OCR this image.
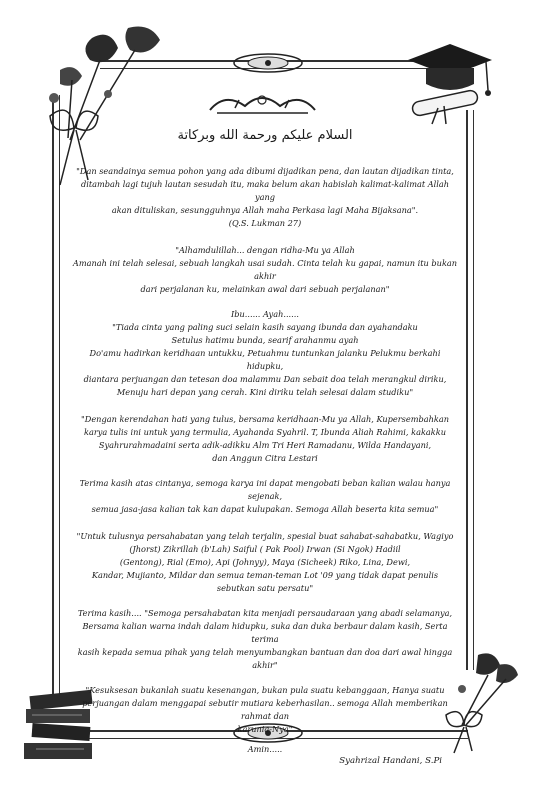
السلام عليكم ورحمة الله وبركاتة

"Dan seandainya semua pohon yang ada dibumi dijadikan pena, dan lautan dijadikan tinta,

ditambah lagi tujuh lautan sesudah itu, maka belum akan habislah kalimat-kalimat Allah yang

akan dituliskan, sesungguhnya Allah maha Perkasa lagi Maha Bijaksana".

(Q.S. Lukman 27)

"Alhamdulillah... dengan ridha-Mu ya Allah

Amanah ini telah selesai, sebuah langkah usai sudah. Cinta telah ku gapai, namun itu bukan akhir

dari perjalanan ku, melainkan awal dari sebuah perjalanan"

Ibu...... Ayah......

"Tiada cinta yang paling suci selain kasih sayang ibunda dan ayahandaku

Setulus hatimu bunda, searif arahanmu ayah

Do'amu hadirkan keridhaan untukku, Petuahmu tuntunkan jalanku Pelukmu berkahi hidupku,

diantara perjuangan dan tetesan doa malammu Dan sebait doa telah merangkul diriku,

Menuju hari depan yang cerah. Kini diriku telah selesai dalam studiku"

"Dengan kerendahan hati yang tulus, bersama keridhaan-Mu ya Allah, Kupersembahkan

karya tulis ini untuk yang termulia, Ayahanda Syahril. T, Ibunda Aliah Rahimi, kakakku

Syahrurahmadaini serta adik-adikku Alm Tri Heri Ramadanu, Wilda Handayani,

dan Anggun Citra Lestari

Terima kasih atas cintanya, semoga karya ini dapat mengobati beban kalian walau hanya sejenak,

semua jasa-jasa kalian tak kan dapat kulupakan. Semoga Allah beserta kita semua"

"Untuk tulusnya persahabatan yang telah terjalin, spesial buat sahabat-sahabatku, Wagiyo

(Jhorst) Zikrillah (b'Lah) Saiful ( Pak Pool) Irwan (Si Ngok) Hadiil

(Gentong), Rial (Emo), Api (Johnyy), Maya (Sicheek) Riko, Lina, Dewi,

Kandar, Mujianto, Mildar dan semua teman-teman Lot '09 yang tidak dapat penulis

sebutkan satu persatu"

Terima kasih.... "Semoga persahabatan kita menjadi persaudaraan yang abadi selamanya,

Bersama kalian warna indah dalam hidupku, suka dan duka berbaur dalam kasih, Serta terima

kasih kepada semua pihak yang telah menyumbangkan bantuan dan doa dari awal hingga akhir"

"Kesuksesan bukanlah suatu kesenangan, bukan pula suatu kebanggaan, Hanya suatu

perjuangan dalam menggapai sebutir mutiara keberhasilan.. semoga Allah memberikan rahmat dan

karunia-Nya"

Amin.....

Syahrizal Handani, S.Pi
